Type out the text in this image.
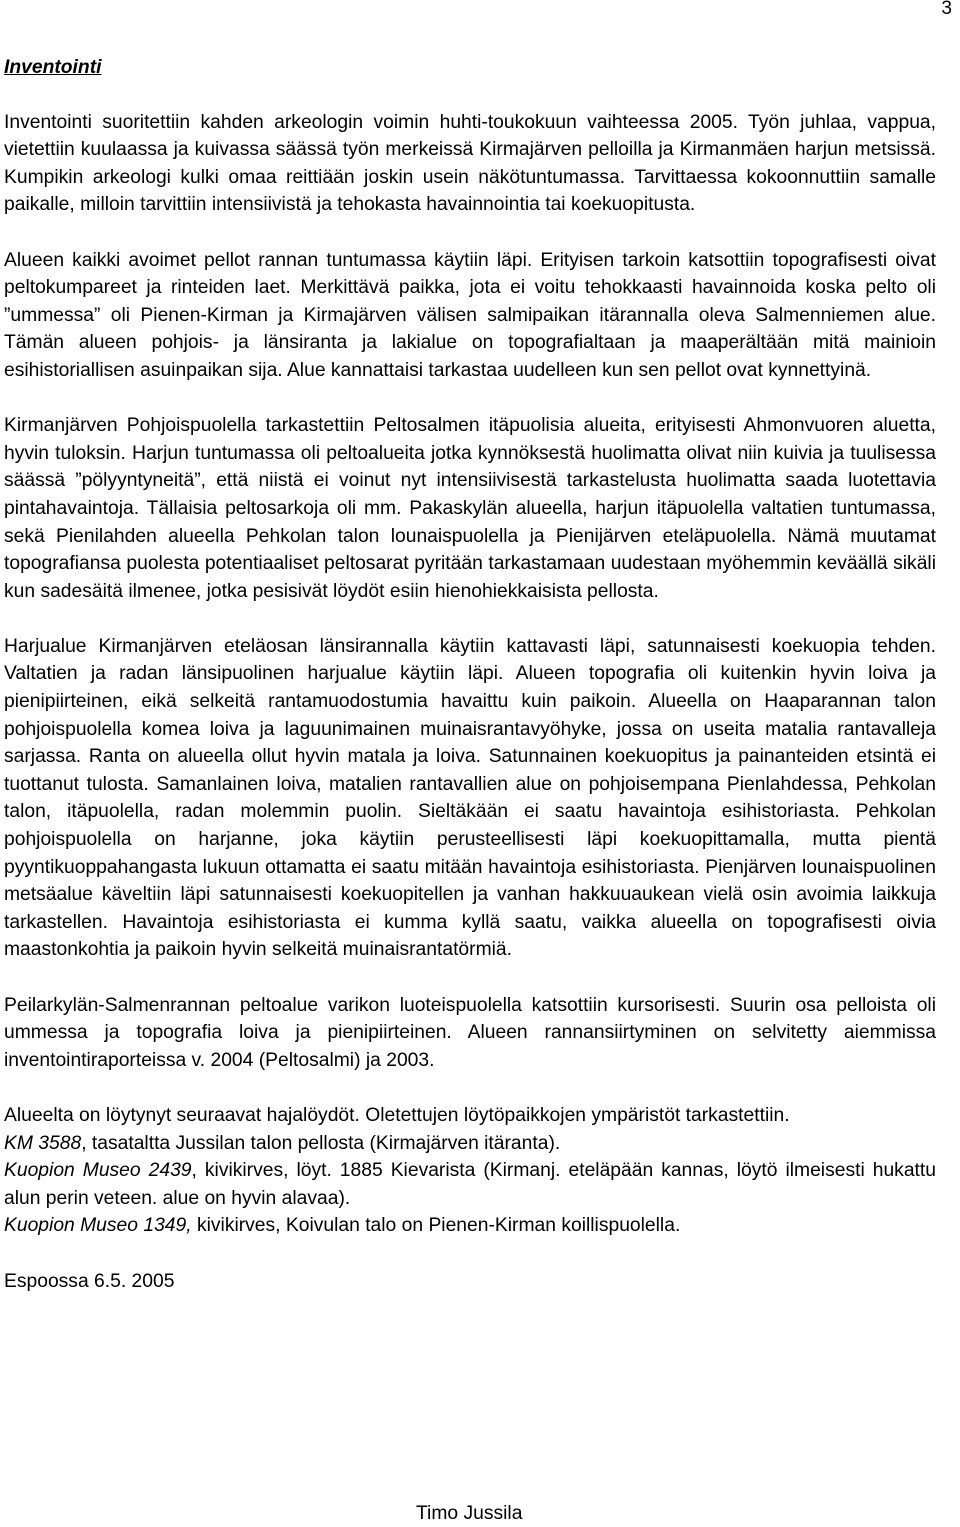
3
Inventointi

Inventointi suoritettiin kahden arkeologin voimin huhti-toukokuun vaihteessa 2005. Työn juhlaa, vappua, vietettiin kuulaassa ja kuivassa säässä työn merkeissä Kirmajärven pelloilla ja Kirmanmäen harjun metsissä. Kumpikin arkeologi kulki omaa reittiään joskin usein näkötuntumassa. Tarvittaessa kokoonnuttiin samalle paikalle, milloin tarvittiin intensiivistä ja tehokasta havainnointia tai koekuopitusta.

Alueen kaikki avoimet pellot rannan tuntumassa käytiin läpi. Erityisen tarkoin katsottiin topografisesti oivat peltokumpareet ja rinteiden laet. Merkittävä paikka, jota ei voitu tehokkaasti havainnoida koska pelto oli ”ummessa” oli Pienen-Kirman ja Kirmajärven välisen salmipaikan itärannalla oleva Salmenniemen alue. Tämän alueen pohjois- ja länsiranta ja lakialue on topografialtaan ja maaperältään mitä mainioin esihistoriallisen asuinpaikan sija. Alue kannattaisi tarkastaa uudelleen kun sen pellot ovat kynnettyinä.

Kirmanjärven Pohjoispuolella tarkastettiin Peltosalmen itäpuolisia alueita, erityisesti Ahmonvuoren aluetta, hyvin tuloksin. Harjun tuntumassa oli peltoalueita jotka kynnöksestä huolimatta olivat niin kuivia ja tuulisessa säässä ”pölyyntyneitä”, että niistä ei voinut nyt intensiivisestä tarkastelusta huolimatta saada luotettavia pintahavaintoja. Tällaisia peltosarkoja oli mm. Pakaskylän alueella, harjun itäpuolella valtatien tuntumassa, sekä Pienilahden alueella Pehkolan talon lounaispuolella ja Pienijärven eteläpuolella. Nämä muutamat topografiansa puolesta potentiaaliset peltosarat pyritään tarkastamaan uudestaan myöhemmin keväällä sikäli kun sadesäitä ilmenee, jotka pesisivät löydöt esiin hienohiekkaisista pellosta.

Harjualue Kirmanjärven eteläosan länsirannalla käytiin kattavasti läpi, satunnaisesti koekuopia tehden. Valtatien ja radan länsipuolinen harjualue käytiin läpi. Alueen topografia oli kuitenkin hyvin loiva ja pienipiirteinen, eikä selkeitä rantamuodostumia havaittu kuin paikoin. Alueella on Haaparannan talon pohjoispuolella komea loiva ja laguunimainen muinaisrantavyöhyke, jossa on useita matalia rantavalleja sarjassa. Ranta on alueella ollut hyvin matala ja loiva. Satunnainen koekuopitus ja painanteiden etsintä ei tuottanut tulosta. Samanlainen loiva, matalien rantavallien alue on pohjoisempana Pienlahdessa, Pehkolan talon, itäpuolella, radan molemmin puolin. Sieltäkään ei saatu havaintoja esihistoriasta. Pehkolan pohjoispuolella on harjanne, joka käytiin perusteellisesti läpi koekuopittamalla, mutta pientä pyyntikuoppahangasta lukuun ottamatta ei saatu mitään havaintoja esihistoriasta. Pienjärven lounaispuolinen metsäalue käveltiin läpi satunnaisesti koekuopitellen ja vanhan hakkuuaukean vielä osin avoimia laikkuja tarkastellen. Havaintoja esihistoriasta ei kumma kyllä saatu, vaikka alueella on topografisesti oivia maastonkohtia ja paikoin hyvin selkeitä muinaisrantatörmiä.

Peilarkylän-Salmenrannan peltoalue varikon luoteispuolella katsottiin kursorisesti. Suurin osa pelloista oli ummessa ja topografia loiva ja pienipiirteinen. Alueen rannansiirtyminen on selvitetty aiemmissa inventointiraporteissa v. 2004 (Peltosalmi) ja 2003.

Alueelta on löytynyt seuraavat hajalöydöt. Oletettujen löytöpaikkojen ympäristöt tarkastettiin.
KM 3588, tasataltta Jussilan talon pellosta (Kirmajärven itäranta).
Kuopion Museo 2439, kivikirves, löyt. 1885 Kievarista (Kirmanj. eteläpään kannas, löytö ilmeisesti hukattu alun perin veteen. alue on hyvin alavaa).
Kuopion Museo 1349, kivikirves, Koivulan talo on Pienen-Kirman koillispuolella.
Espoossa 6.5. 2005
Timo Jussila
